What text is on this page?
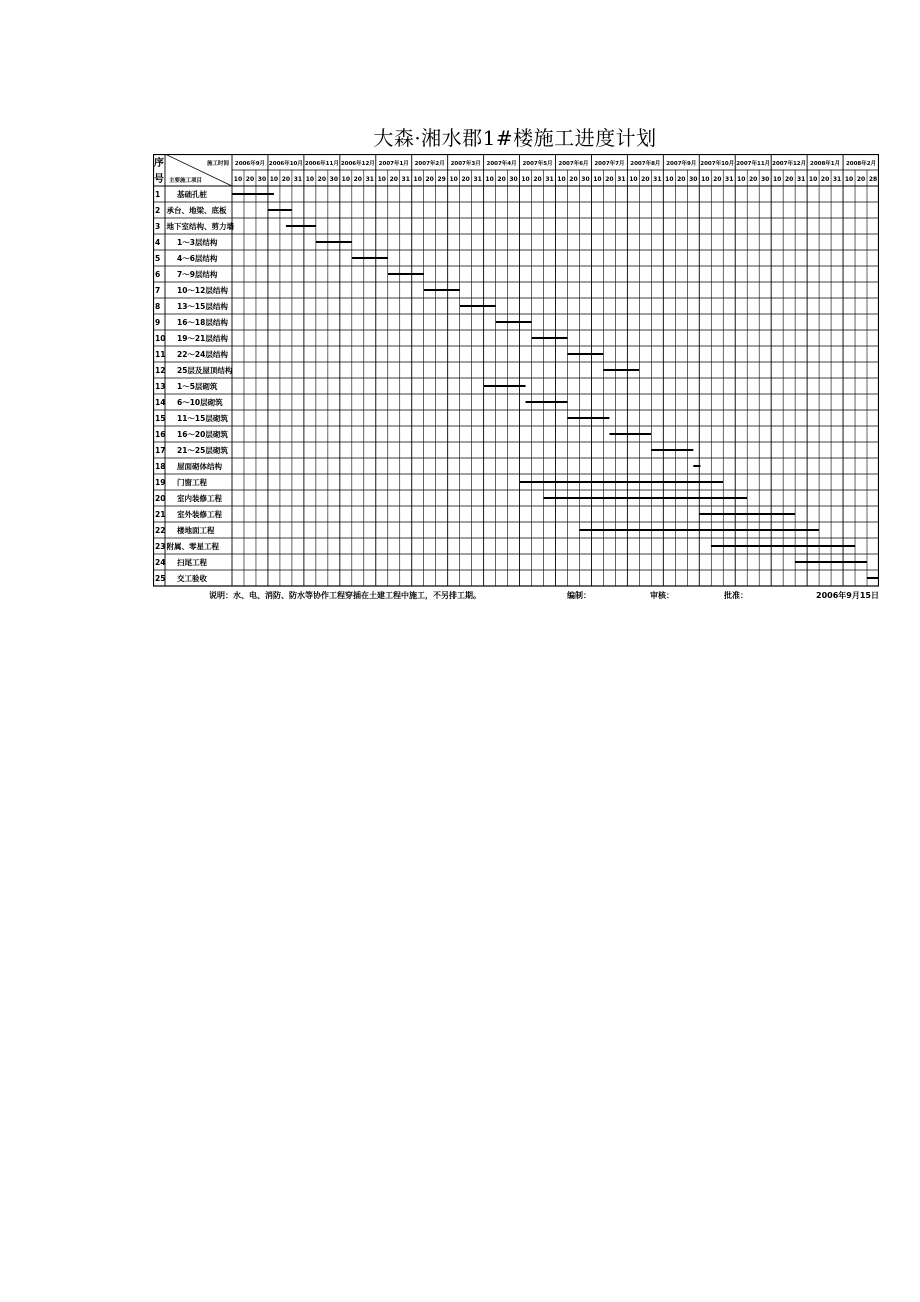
大森·湘水郡1#楼施工进度计划
序
号
施工时间
主要施工项目
2006年9月
10 20 30
2006年10月
10 20 31
2006年11月
10 20 30
2006年12月
10 20 31
2007年1月
10 20 31
2007年2月
10 20 29
2007年3月
10 20 31
2007年4月
10 20 30
2007年5月
10 20 31
2007年6月
10 20 30
2007年7月
10 20 31
2007年8月
10 20 31
2007年9月
10 20 30
2007年10月
10 20 31
2007年11月
10 20 30
2007年12月
10 20 31
2008年1月
10 20 31
2008年2月
10 20 28
1 基础孔桩
2 承台、地梁、底板
3 地下室结构、剪力墙
4 1～3层结构
5 4～6层结构
6 7～9层结构
7 10～12层结构
8 13～15层结构
9 16～18层结构
10 19～21层结构
11 22～24层结构
12 25层及屋顶结构
13 1～5层砌筑
14 6～10层砌筑
15 11～15层砌筑
16 16～20层砌筑
17 21～25层砌筑
18 屋面砌体结构
19 门窗工程
20 室内装修工程
21 室外装修工程
22 楼地面工程
23 附属、零星工程
24 扫尾工程
25 交工验收
说明：水、电、消防、防水等协作工程穿插在土建工程中施工，不另排工期。	编制：	审核：	批准：	2006年9月15日
